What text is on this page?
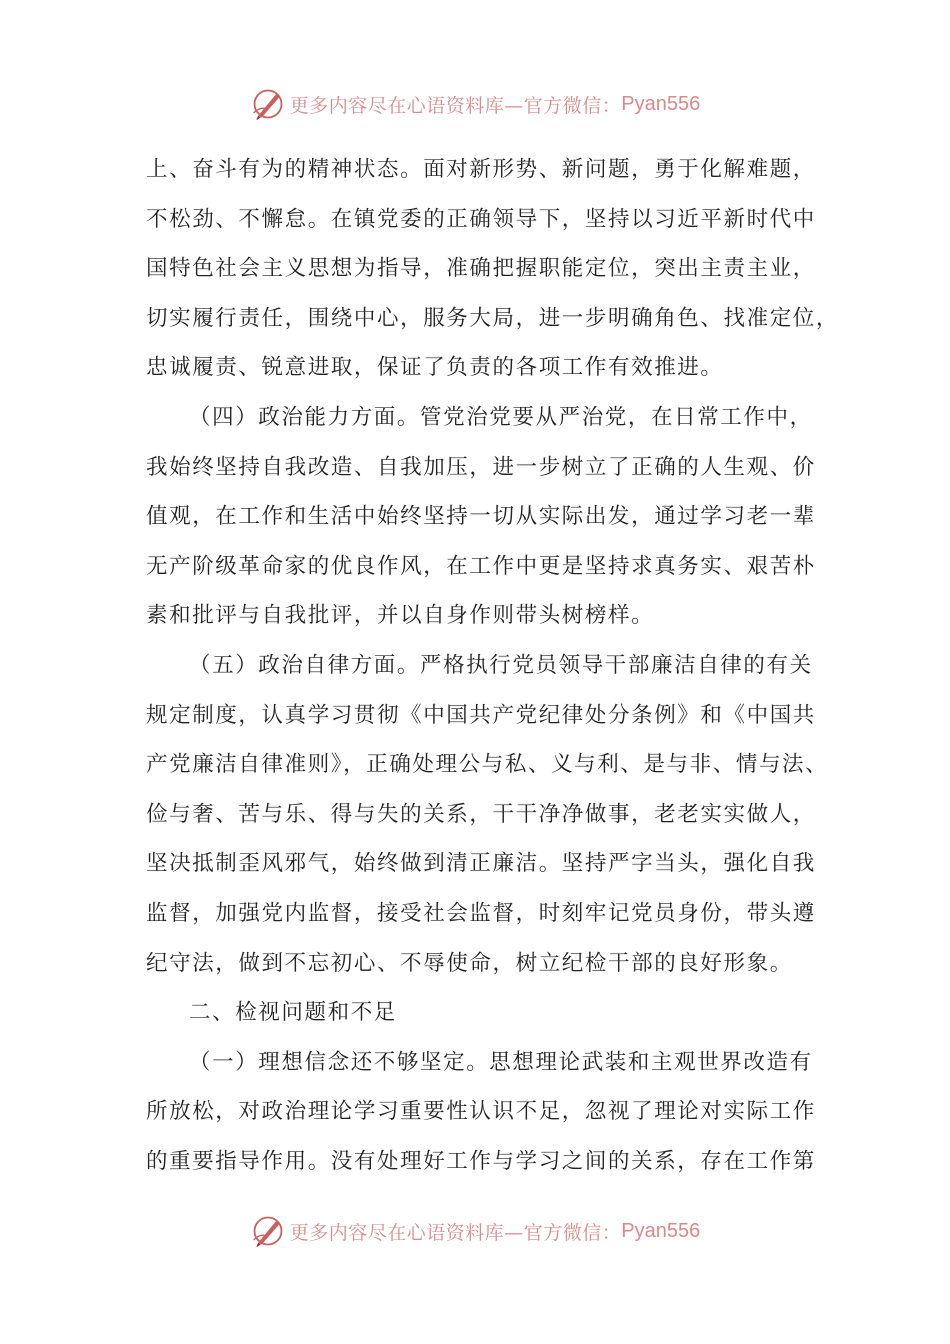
更多内容尽在心语资料库—官方微信： Pyan556
上、奋斗有为的精神状态。面对新形势、新问题，勇于化解难题，
不松劲、不懈怠。在镇党委的正确领导下，坚持以习近平新时代中
国特色社会主义思想为指导，准确把握职能定位，突出主责主业，
切实履行责任，围绕中心，服务大局，进一步明确角色、找准定位，
忠诚履责、锐意进取，保证了负责的各项工作有效推进。
（四）政治能力方面。管党治党要从严治党，在日常工作中，
我始终坚持自我改造、自我加压，进一步树立了正确的人生观、价
值观，在工作和生活中始终坚持一切从实际出发，通过学习老一辈
无产阶级革命家的优良作风，在工作中更是坚持求真务实、艰苦朴
素和批评与自我批评，并以自身作则带头树榜样。
（五）政治自律方面。严格执行党员领导干部廉洁自律的有关
规定制度，认真学习贯彻《中国共产党纪律处分条例》和《中国共
产党廉洁自律准则》，正确处理公与私、义与利、是与非、情与法、
俭与奢、苦与乐、得与失的关系，干干净净做事，老老实实做人，
坚决抵制歪风邪气，始终做到清正廉洁。坚持严字当头，强化自我
监督，加强党内监督，接受社会监督，时刻牢记党员身份，带头遵
纪守法，做到不忘初心、不辱使命，树立纪检干部的良好形象。
二、检视问题和不足
（一）理想信念还不够坚定。思想理论武装和主观世界改造有
所放松，对政治理论学习重要性认识不足，忽视了理论对实际工作
的重要指导作用。没有处理好工作与学习之间的关系，存在工作第
更多内容尽在心语资料库—官方微信： Pyan556
